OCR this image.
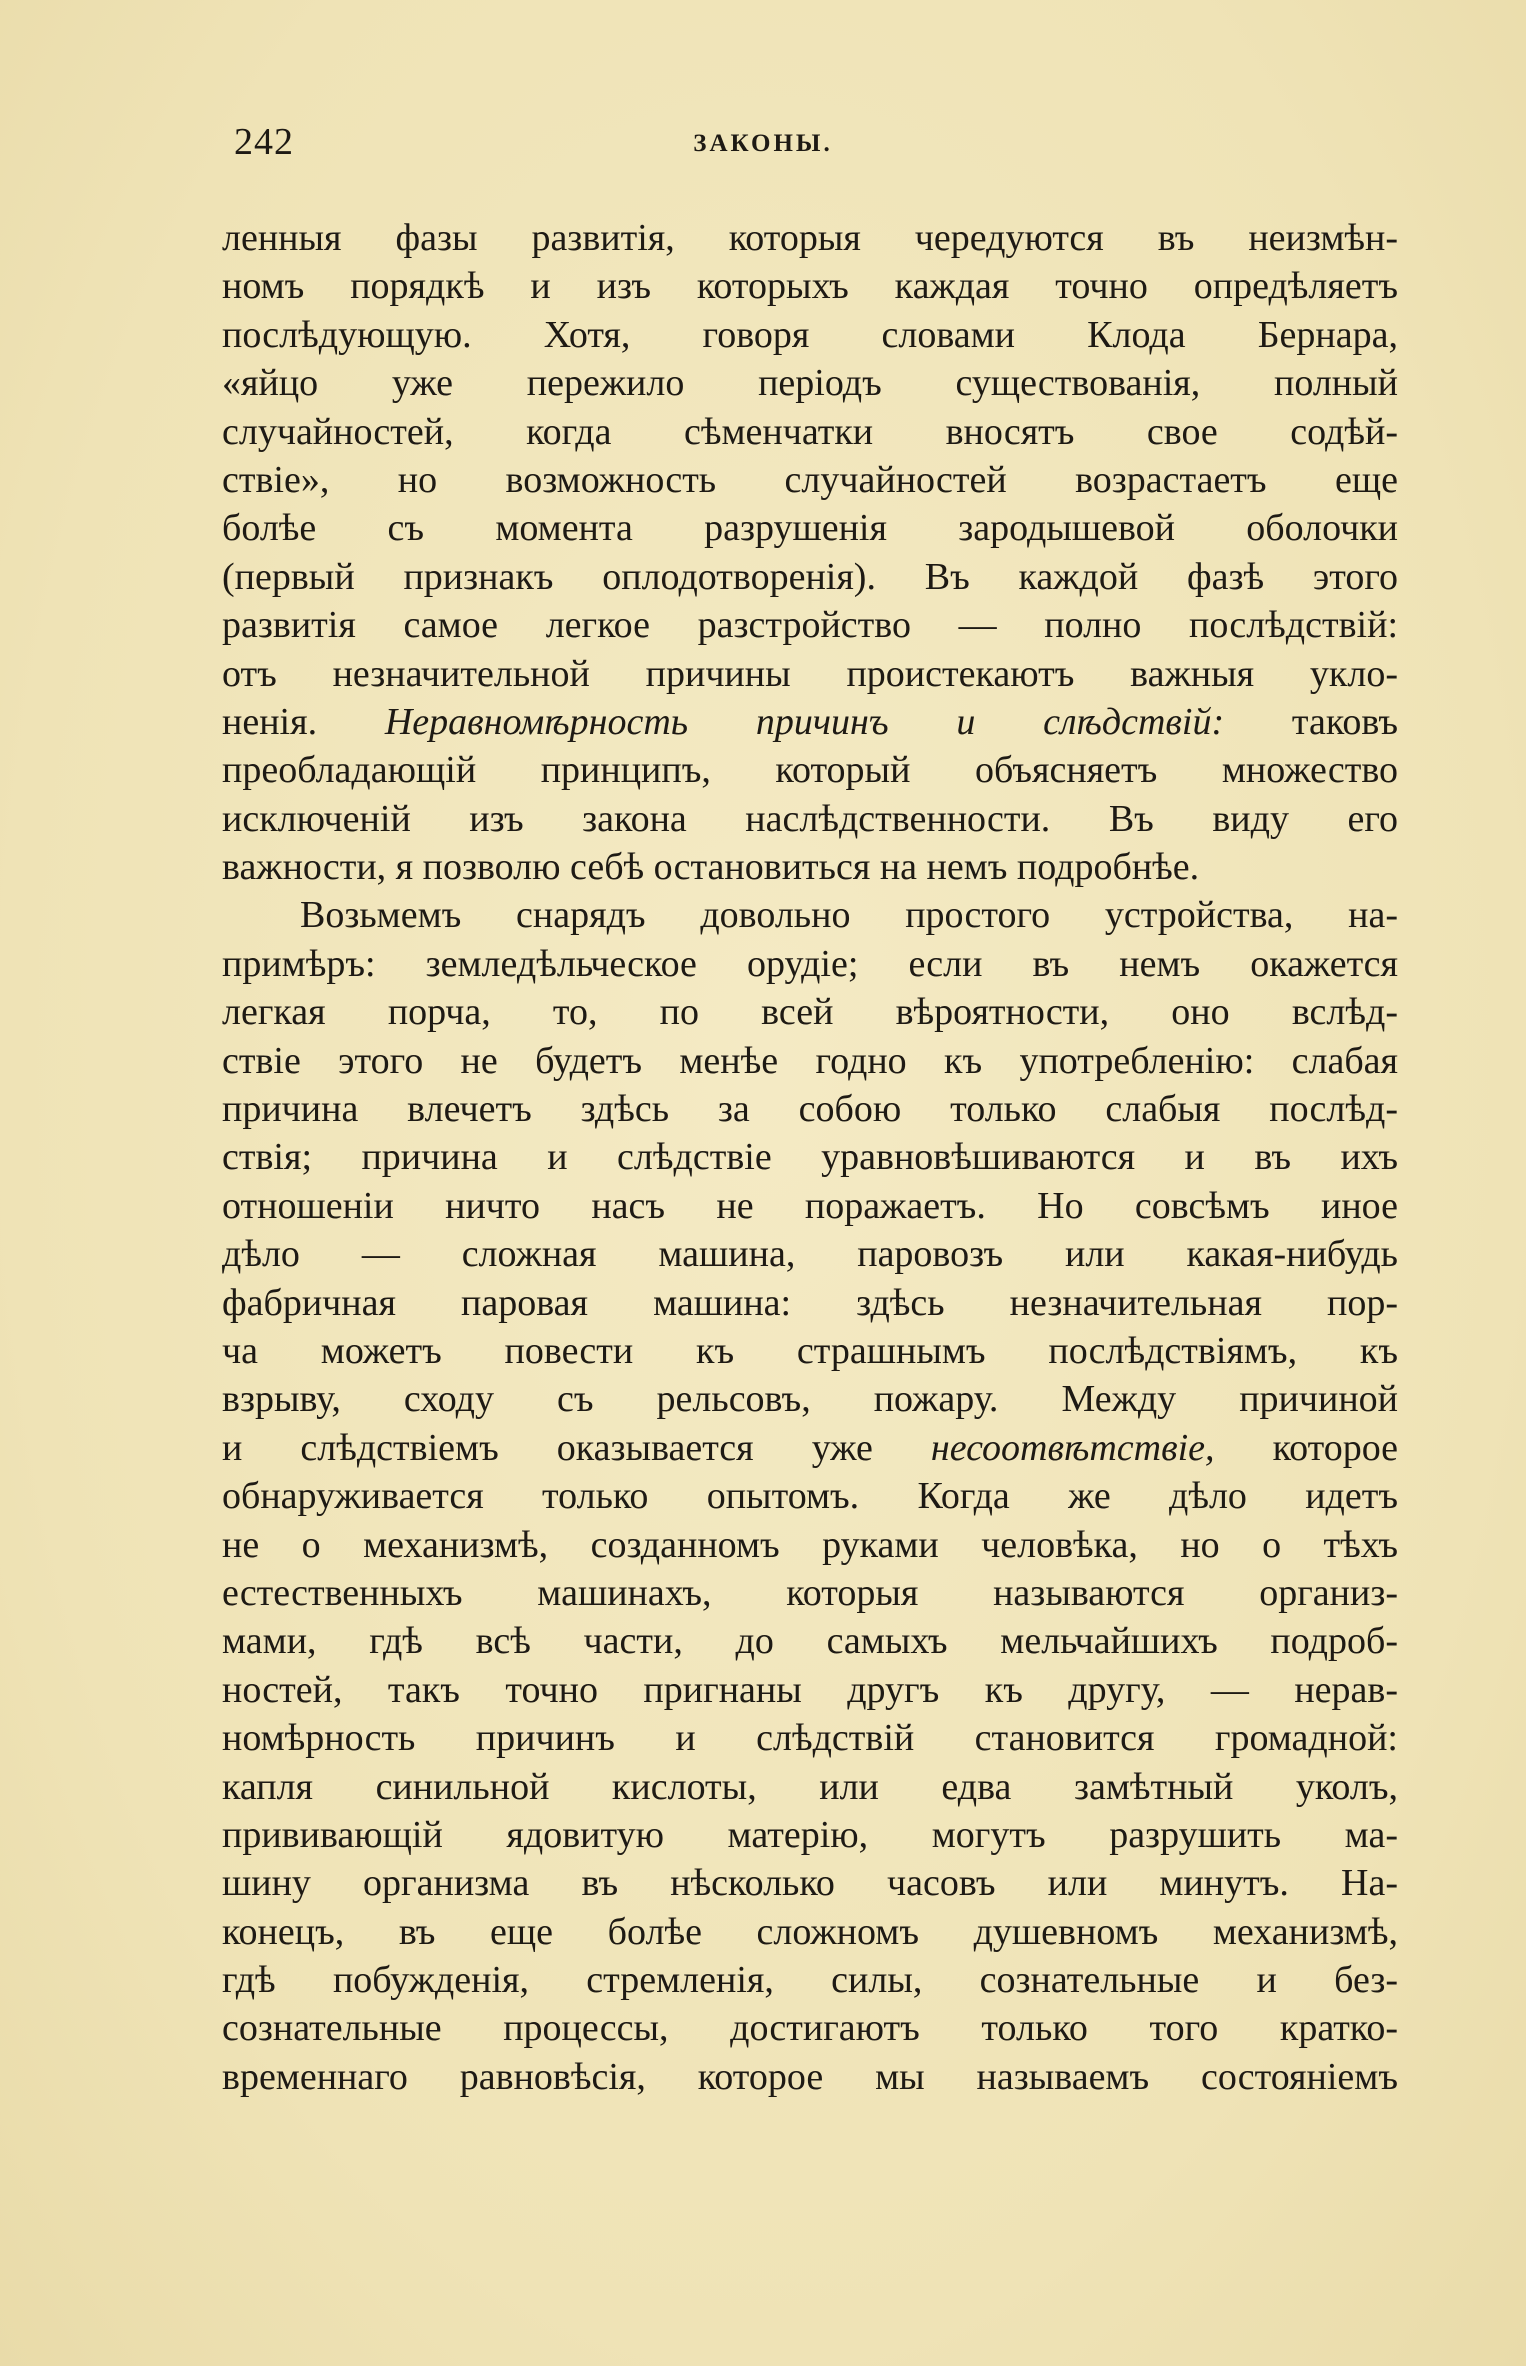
242	ЗАКОНЫ.
ленныя фазы развитія, которыя чередуются въ неизмѣн-
номъ порядкѣ и изъ которыхъ каждая точно опредѣляетъ
послѣдующую. Хотя, говоря словами Клода Бернара,
«яйцо уже пережило періодъ существованія, полный
случайностей, когда сѣменчатки вносятъ свое содѣй-
ствіе», но возможность случайностей возрастаетъ еще
болѣе съ момента разрушенія зародышевой оболочки
(первый признакъ оплодотворенія). Въ каждой фазѣ этого
развитія самое легкое разстройство — полно послѣдствій:
отъ незначительной причины проистекаютъ важныя укло-
ненія. Неравномѣрность причинъ и слѣдствій: таковъ
преобладающій принципъ, который объясняетъ множество
исключеній изъ закона наслѣдственности. Въ виду его
важности, я позволю себѣ остановиться на немъ подробнѣе.
Возьмемъ снарядъ довольно простого устройства, на-
примѣръ: земледѣльческое орудіе; если въ немъ окажется
легкая порча, то, по всей вѣроятности, оно вслѣд-
ствіе этого не будетъ менѣе годно къ употребленію: слабая
причина влечетъ здѣсь за собою только слабыя послѣд-
ствія; причина и слѣдствіе уравновѣшиваются и въ ихъ
отношеніи ничто насъ не поражаетъ. Но совсѣмъ иное
дѣло — сложная машина, паровозъ или какая-нибудь
фабричная паровая машина: здѣсь незначительная пор-
ча можетъ повести къ страшнымъ послѣдствіямъ, къ
взрыву, сходу съ рельсовъ, пожару. Между причиной
и слѣдствіемъ оказывается уже несоотвѣтствіе, которое
обнаруживается только опытомъ. Когда же дѣло идетъ
не о механизмѣ, созданномъ руками человѣка, но о тѣхъ
естественныхъ машинахъ, которыя называются организ-
мами, гдѣ всѣ части, до самыхъ мельчайшихъ подроб-
ностей, такъ точно пригнаны другъ къ другу, — нерав-
номѣрность причинъ и слѣдствій становится громадной:
капля синильной кислоты, или едва замѣтный уколъ,
прививающій ядовитую матерію, могутъ разрушить ма-
шину организма въ нѣсколько часовъ или минутъ. На-
конецъ, въ еще болѣе сложномъ душевномъ механизмѣ,
гдѣ побужденія, стремленія, силы, сознательные и без-
сознательные процессы, достигаютъ только того кратко-
временнаго равновѣсія, которое мы называемъ состояніемъ
